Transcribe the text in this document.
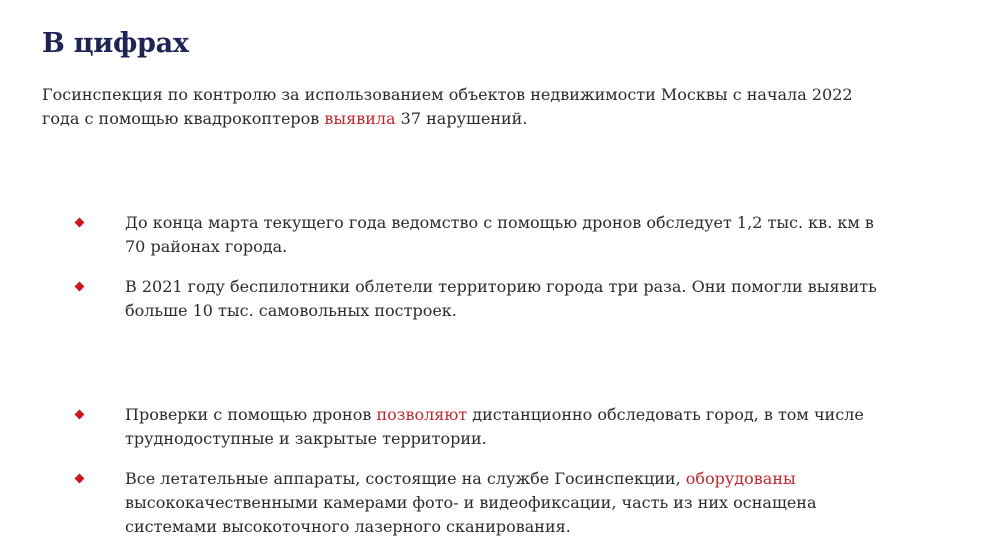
В цифрах

Госинспекция по контролю за использованием объектов недвижимости Москвы с начала 2022 года с помощью квадрокоптеров выявила 37 нарушений.

До конца марта текущего года ведомство с помощью дронов обследует 1,2 тыс. кв. км в 70 районах города.
В 2021 году беспилотники облетели территорию города три раза. Они помогли выявить больше 10 тыс. самовольных построек.
Проверки с помощью дронов позволяют дистанционно обследовать город, в том числе труднодоступные и закрытые территории.
Все летательные аппараты, состоящие на службе Госинспекции, оборудованы высококачественными камерами фото- и видеофиксации, часть из них оснащена системами высокоточного лазерного сканирования.
